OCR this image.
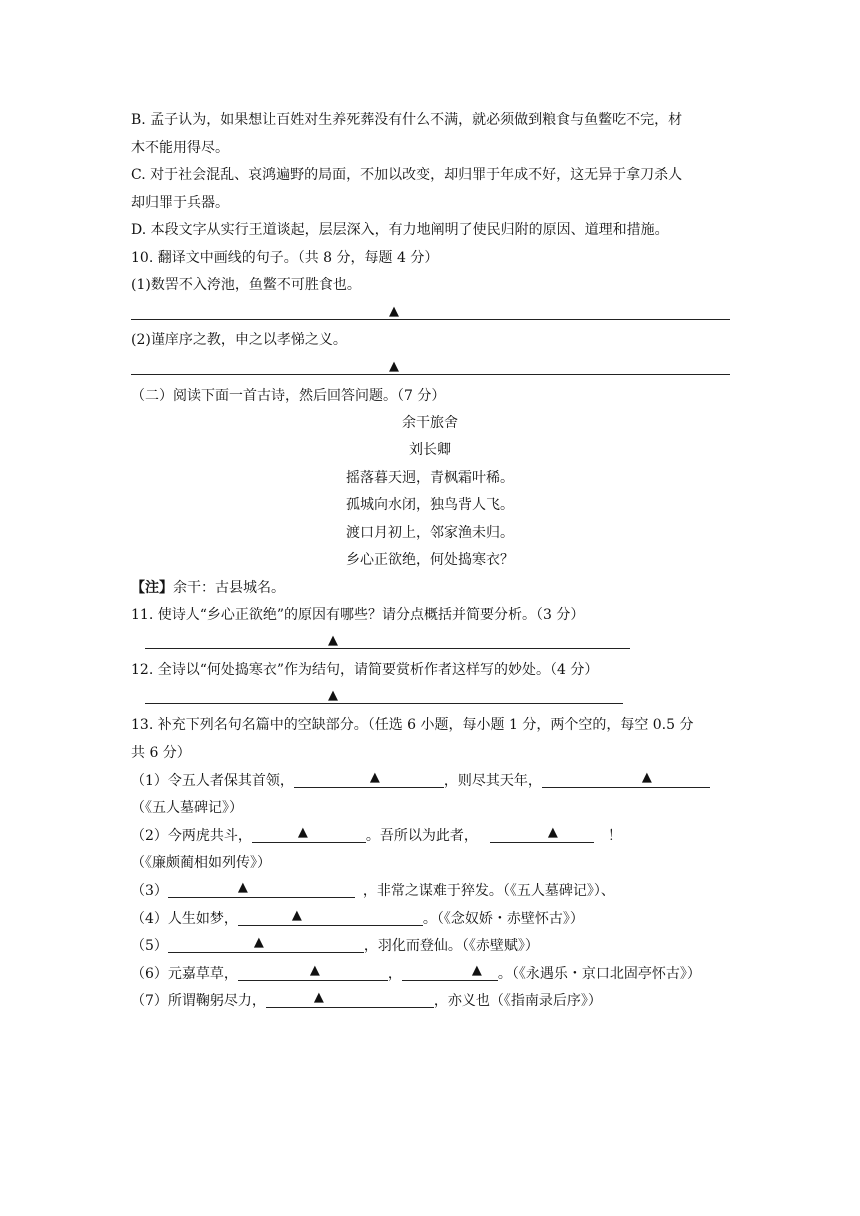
B. 孟子认为，如果想让百姓对生养死葬没有什么不满，就必须做到粮食与鱼鳖吃不完，材
木不能用得尽。
C. 对于社会混乱、哀鸿遍野的局面，不加以改变，却归罪于年成不好，这无异于拿刀杀人
却归罪于兵器。
D. 本段文字从实行王道谈起，层层深入，有力地阐明了使民归附的原因、道理和措施。
10. 翻译文中画线的句子。（共 8 分，每题 4 分）
(1)数罟不入洿池，鱼鳖不可胜食也。
▲
(2)谨庠序之教，申之以孝悌之义。
▲
（二）阅读下面一首古诗，然后回答问题。（7 分）
余干旅舍
刘长卿
摇落暮天迥，青枫霜叶稀。
孤城向水闭，独鸟背人飞。
渡口月初上，邻家渔未归。
乡心正欲绝，何处捣寒衣？
【注】余干：古县城名。
11. 使诗人“乡心正欲绝”的原因有哪些？请分点概括并简要分析。（3 分）
▲
12. 全诗以“何处捣寒衣”作为结句，请简要赏析作者这样写的妙处。（4 分）
▲
13. 补充下列名句名篇中的空缺部分。（任选 6 小题，每小题 1 分，两个空的，每空 0.5 分
共 6 分）
（1）令五人者保其首领，	▲	，则尽其天年，	▲
（《五人墓碑记》）
（2）今两虎共斗，	▲	。吾所以为此者，	▲	！
（《廉颇蔺相如列传》）
（3）	▲	，非常之谋难于猝发。（《五人墓碑记》）、
（4）人生如梦，	▲	。（《念奴娇・赤壁怀古》）
（5）	▲	，羽化而登仙。（《赤壁赋》）
（6）元嘉草草，	▲	，	▲ 。（《永遇乐・京口北固亭怀古》）
（7）所谓鞠躬尽力，	▲	，亦义也（《指南录后序》）
